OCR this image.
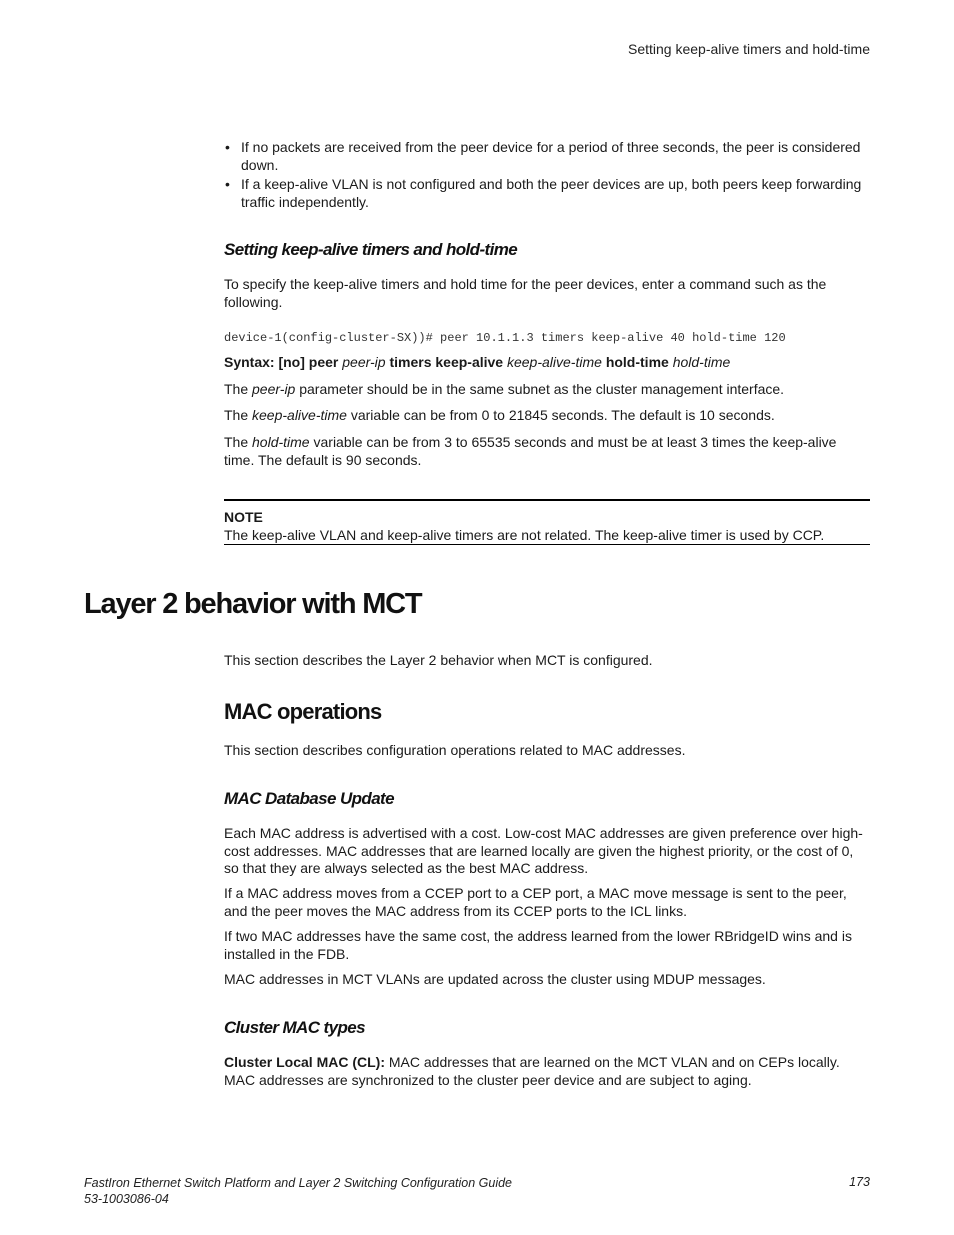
Setting keep-alive timers and hold-time
• If no packets are received from the peer device for a period of three seconds, the peer is considered down.
• If a keep-alive VLAN is not configured and both the peer devices are up, both peers keep forwarding traffic independently.
Setting keep-alive timers and hold-time
To specify the keep-alive timers and hold time for the peer devices, enter a command such as the following.
device-1(config-cluster-SX))# peer 10.1.1.3 timers keep-alive 40 hold-time 120
Syntax: [no] peer peer-ip timers keep-alive keep-alive-time hold-time hold-time
The peer-ip parameter should be in the same subnet as the cluster management interface.
The keep-alive-time variable can be from 0 to 21845 seconds. The default is 10 seconds.
The hold-time variable can be from 3 to 65535 seconds and must be at least 3 times the keep-alive time. The default is 90 seconds.
NOTE
The keep-alive VLAN and keep-alive timers are not related. The keep-alive timer is used by CCP.
Layer 2 behavior with MCT
This section describes the Layer 2 behavior when MCT is configured.
MAC operations
This section describes configuration operations related to MAC addresses.
MAC Database Update
Each MAC address is advertised with a cost. Low-cost MAC addresses are given preference over high-cost addresses. MAC addresses that are learned locally are given the highest priority, or the cost of 0, so that they are always selected as the best MAC address.
If a MAC address moves from a CCEP port to a CEP port, a MAC move message is sent to the peer, and the peer moves the MAC address from its CCEP ports to the ICL links.
If two MAC addresses have the same cost, the address learned from the lower RBridgeID wins and is installed in the FDB.
MAC addresses in MCT VLANs are updated across the cluster using MDUP messages.
Cluster MAC types
Cluster Local MAC (CL): MAC addresses that are learned on the MCT VLAN and on CEPs locally. MAC addresses are synchronized to the cluster peer device and are subject to aging.
FastIron Ethernet Switch Platform and Layer 2 Switching Configuration Guide
53-1003086-04
173
